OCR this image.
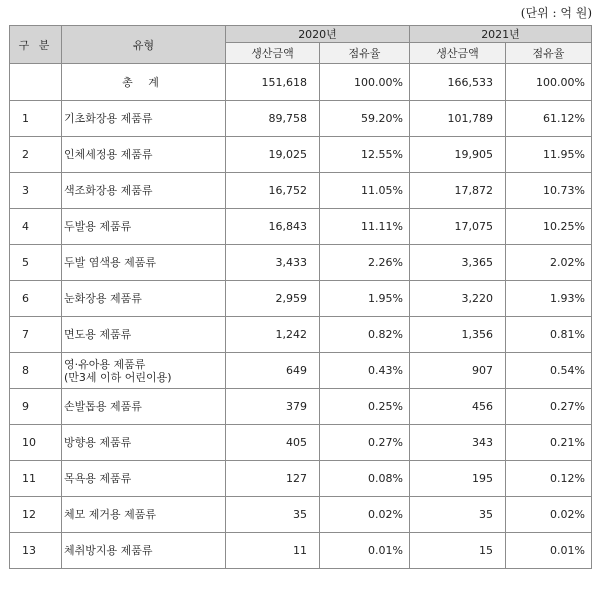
(단위 : 억 원)
구 분	유형	2020년		2021년	
		생산금액	점유율	생산금액	점유율
	총 계	151,618	100.00%	166,533	100.00%
1	기초화장용 제품류	89,758	59.20%	101,789	61.12%
2	인체세정용 제품류	19,025	12.55%	19,905	11.95%
3	색조화장용 제품류	16,752	11.05%	17,872	10.73%
4	두발용 제품류	16,843	11.11%	17,075	10.25%
5	두발 염색용 제품류	3,433	2.26%	3,365	2.02%
6	눈화장용 제품류	2,959	1.95%	3,220	1.93%
7	면도용 제품류	1,242	0.82%	1,356	0.81%
8	영·유아용 제품류
(만3세 이하 어린이용)	649	0.43%	907	0.54%
9	손발톱용 제품류	379	0.25%	456	0.27%
10	방향용 제품류	405	0.27%	343	0.21%
11	목욕용 제품류	127	0.08%	195	0.12%
12	체모 제거용 제품류	35	0.02%	35	0.02%
13	체취방지용 제품류	11	0.01%	15	0.01%
